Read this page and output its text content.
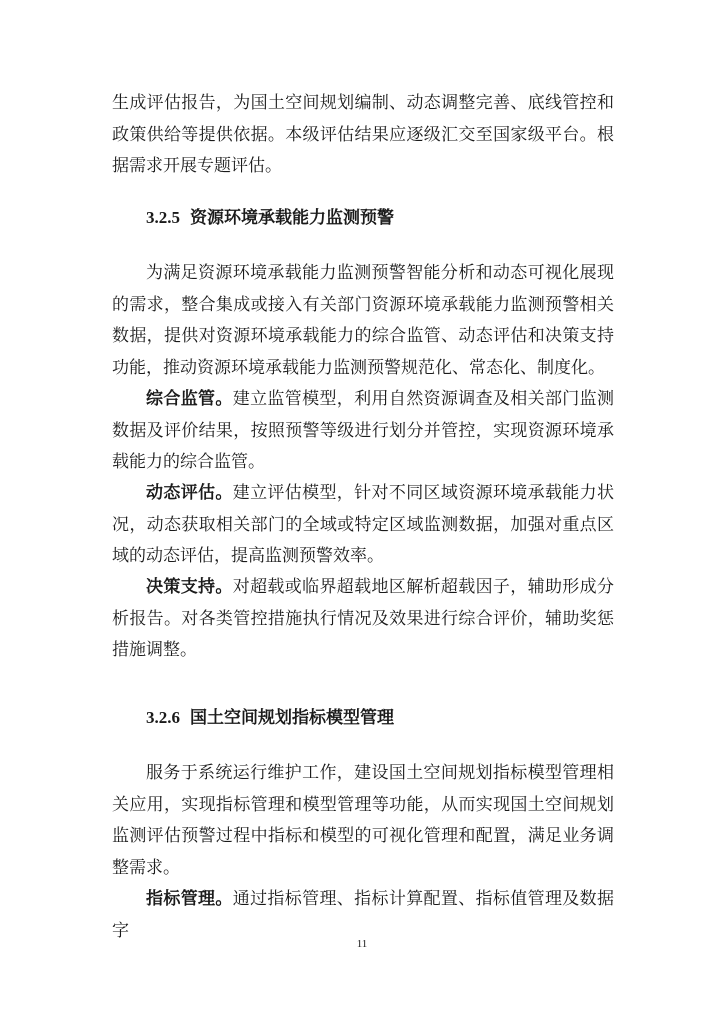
生成评估报告，为国土空间规划编制、动态调整完善、底线管控和政策供给等提供依据。本级评估结果应逐级汇交至国家级平台。根据需求开展专题评估。

3.2.5 资源环境承载能力监测预警

为满足资源环境承载能力监测预警智能分析和动态可视化展现的需求，整合集成或接入有关部门资源环境承载能力监测预警相关数据，提供对资源环境承载能力的综合监管、动态评估和决策支持功能，推动资源环境承载能力监测预警规范化、常态化、制度化。

综合监管。建立监管模型，利用自然资源调查及相关部门监测数据及评价结果，按照预警等级进行划分并管控，实现资源环境承载能力的综合监管。

动态评估。建立评估模型，针对不同区域资源环境承载能力状况，动态获取相关部门的全域或特定区域监测数据，加强对重点区域的动态评估，提高监测预警效率。

决策支持。对超载或临界超载地区解析超载因子，辅助形成分析报告。对各类管控措施执行情况及效果进行综合评价，辅助奖惩措施调整。

3.2.6 国土空间规划指标模型管理

服务于系统运行维护工作，建设国土空间规划指标模型管理相关应用，实现指标管理和模型管理等功能，从而实现国土空间规划监测评估预警过程中指标和模型的可视化管理和配置，满足业务调整需求。

指标管理。通过指标管理、指标计算配置、指标值管理及数据字

11
